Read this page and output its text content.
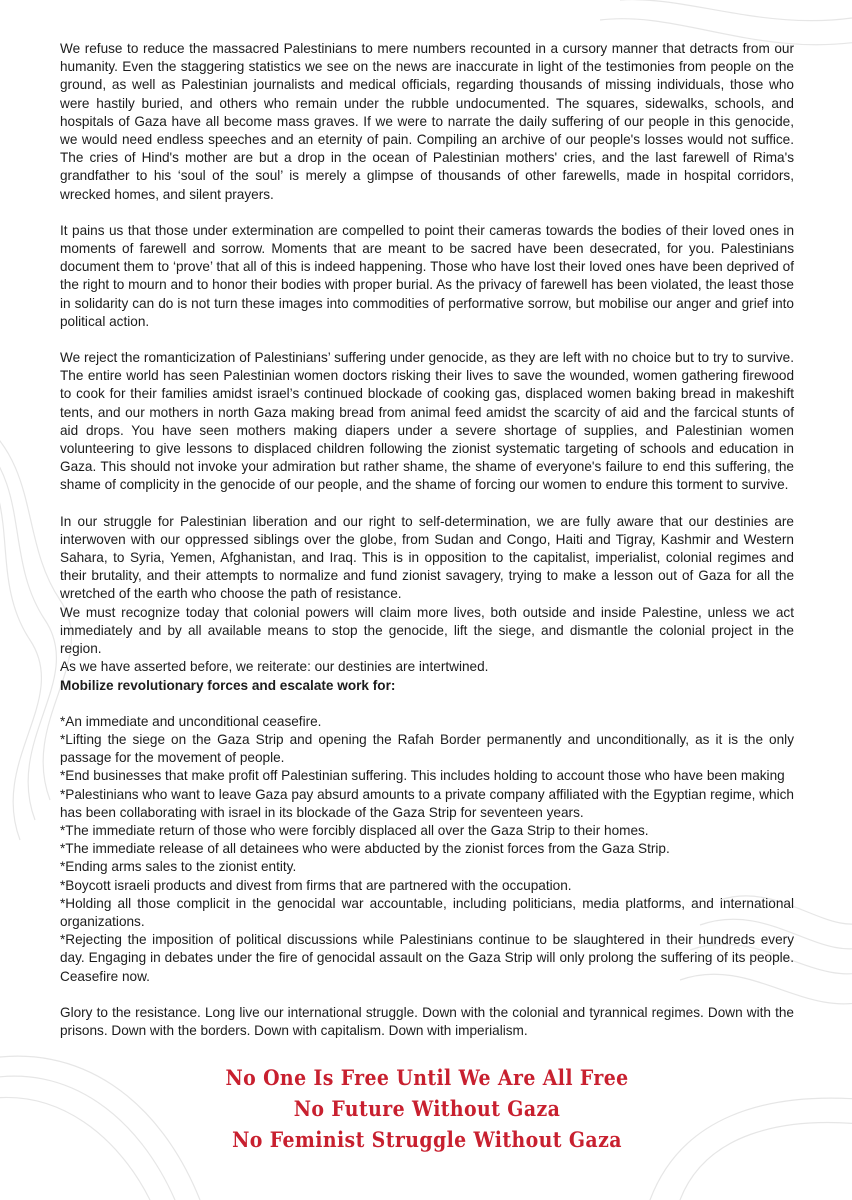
We refuse to reduce the massacred Palestinians to mere numbers recounted in a cursory manner that detracts from our humanity. Even the staggering statistics we see on the news are inaccurate in light of the testimonies from people on the ground, as well as Palestinian journalists and medical officials, regarding thousands of missing individuals, those who were hastily buried, and others who remain under the rubble undocumented. The squares, sidewalks, schools, and hospitals of Gaza have all become mass graves. If we were to narrate the daily suffering of our people in this genocide, we would need endless speeches and an eternity of pain. Compiling an archive of our people's losses would not suffice. The cries of Hind's mother are but a drop in the ocean of Palestinian mothers' cries, and the last farewell of Rima's grandfather to his ‘soul of the soul’ is merely a glimpse of thousands of other farewells, made in hospital corridors, wrecked homes, and silent prayers.

It pains us that those under extermination are compelled to point their cameras towards the bodies of their loved ones in moments of farewell and sorrow. Moments that are meant to be sacred have been desecrated, for you. Palestinians document them to ‘prove’ that all of this is indeed happening. Those who have lost their loved ones have been deprived of the right to mourn and to honor their bodies with proper burial. As the privacy of farewell has been violated, the least those in solidarity can do is not turn these images into commodities of performative sorrow, but mobilise our anger and grief into political action.

We reject the romanticization of Palestinians’ suffering under genocide, as they are left with no choice but to try to survive. The entire world has seen Palestinian women doctors risking their lives to save the wounded, women gathering firewood to cook for their families amidst israel’s continued blockade of cooking gas, displaced women baking bread in makeshift tents, and our mothers in north Gaza making bread from animal feed amidst the scarcity of aid and the farcical stunts of aid drops. You have seen mothers making diapers under a severe shortage of supplies, and Palestinian women volunteering to give lessons to displaced children following the zionist systematic targeting of schools and education in Gaza. This should not invoke your admiration but rather shame, the shame of everyone's failure to end this suffering, the shame of complicity in the genocide of our people, and the shame of forcing our women to endure this torment to survive.

In our struggle for Palestinian liberation and our right to self-determination, we are fully aware that our destinies are interwoven with our oppressed siblings over the globe, from Sudan and Congo, Haiti and Tigray, Kashmir and Western Sahara, to Syria, Yemen, Afghanistan, and Iraq. This is in opposition to the capitalist, imperialist, colonial regimes and their brutality, and their attempts to normalize and fund zionist savagery, trying to make a lesson out of Gaza for all the wretched of the earth who choose the path of resistance.

We must recognize today that colonial powers will claim more lives, both outside and inside Palestine, unless we act immediately and by all available means to stop the genocide, lift the siege, and dismantle the colonial project in the region.

As we have asserted before, we reiterate: our destinies are intertwined.

Mobilize revolutionary forces and escalate work for:

*An immediate and unconditional ceasefire.
*Lifting the siege on the Gaza Strip and opening the Rafah Border permanently and unconditionally, as it is the only passage for the movement of people.
*End businesses that make profit off Palestinian suffering. This includes holding to account those who have been making
*Palestinians who want to leave Gaza pay absurd amounts to a private company affiliated with the Egyptian regime, which has been collaborating with israel in its blockade of the Gaza Strip for seventeen years.
*The immediate return of those who were forcibly displaced all over the Gaza Strip to their homes.
*The immediate release of all detainees who were abducted by the zionist forces from the Gaza Strip.
*Ending arms sales to the zionist entity.
*Boycott israeli products and divest from firms that are partnered with the occupation.
*Holding all those complicit in the genocidal war accountable, including politicians, media platforms, and international organizations.
*Rejecting the imposition of political discussions while Palestinians continue to be slaughtered in their hundreds every day. Engaging in debates under the fire of genocidal assault on the Gaza Strip will only prolong the suffering of its people. Ceasefire now.

Glory to the resistance. Long live our international struggle. Down with the colonial and tyrannical regimes. Down with the prisons. Down with the borders. Down with capitalism. Down with imperialism.

No One Is Free Until We Are All Free
No Future Without Gaza
No Feminist Struggle Without Gaza
